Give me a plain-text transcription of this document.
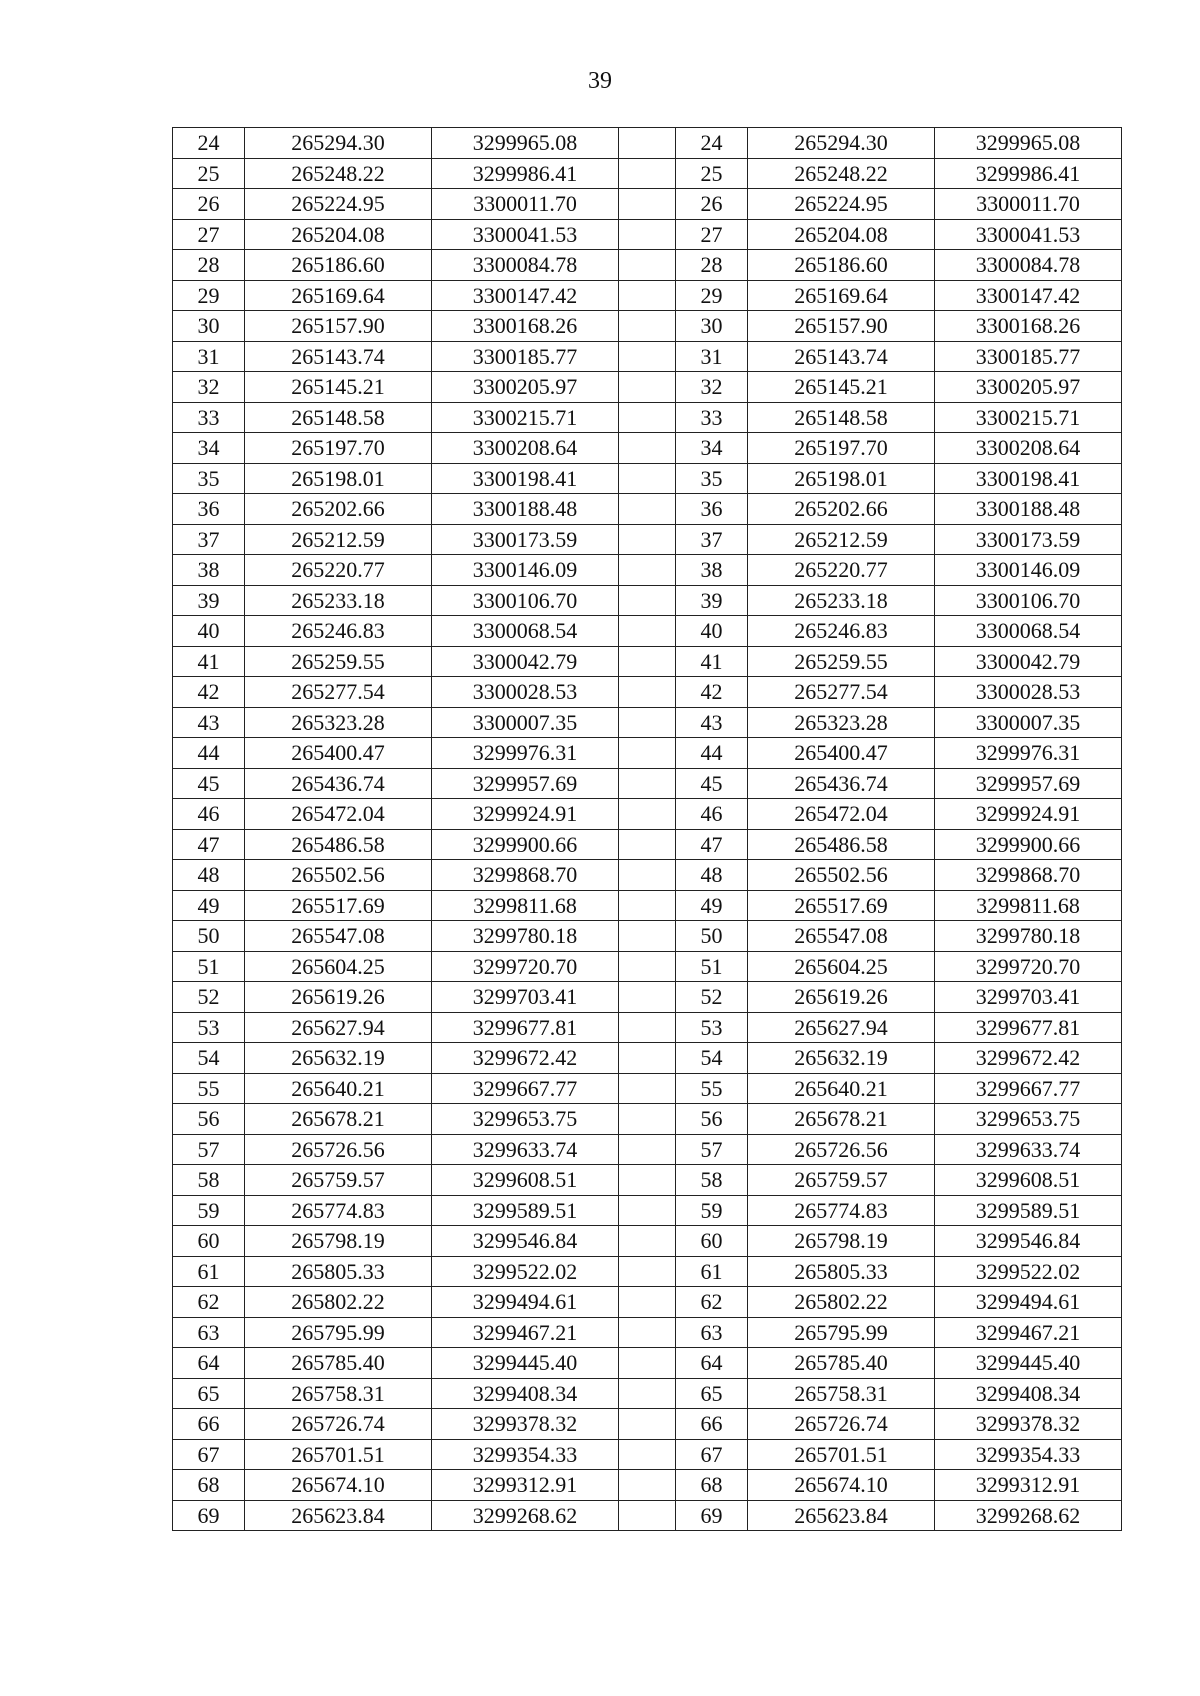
39
24	265294.30	3299965.08		24	265294.30	3299965.08
25	265248.22	3299986.41		25	265248.22	3299986.41
26	265224.95	3300011.70		26	265224.95	3300011.70
27	265204.08	3300041.53		27	265204.08	3300041.53
28	265186.60	3300084.78		28	265186.60	3300084.78
29	265169.64	3300147.42		29	265169.64	3300147.42
30	265157.90	3300168.26		30	265157.90	3300168.26
31	265143.74	3300185.77		31	265143.74	3300185.77
32	265145.21	3300205.97		32	265145.21	3300205.97
33	265148.58	3300215.71		33	265148.58	3300215.71
34	265197.70	3300208.64		34	265197.70	3300208.64
35	265198.01	3300198.41		35	265198.01	3300198.41
36	265202.66	3300188.48		36	265202.66	3300188.48
37	265212.59	3300173.59		37	265212.59	3300173.59
38	265220.77	3300146.09		38	265220.77	3300146.09
39	265233.18	3300106.70		39	265233.18	3300106.70
40	265246.83	3300068.54		40	265246.83	3300068.54
41	265259.55	3300042.79		41	265259.55	3300042.79
42	265277.54	3300028.53		42	265277.54	3300028.53
43	265323.28	3300007.35		43	265323.28	3300007.35
44	265400.47	3299976.31		44	265400.47	3299976.31
45	265436.74	3299957.69		45	265436.74	3299957.69
46	265472.04	3299924.91		46	265472.04	3299924.91
47	265486.58	3299900.66		47	265486.58	3299900.66
48	265502.56	3299868.70		48	265502.56	3299868.70
49	265517.69	3299811.68		49	265517.69	3299811.68
50	265547.08	3299780.18		50	265547.08	3299780.18
51	265604.25	3299720.70		51	265604.25	3299720.70
52	265619.26	3299703.41		52	265619.26	3299703.41
53	265627.94	3299677.81		53	265627.94	3299677.81
54	265632.19	3299672.42		54	265632.19	3299672.42
55	265640.21	3299667.77		55	265640.21	3299667.77
56	265678.21	3299653.75		56	265678.21	3299653.75
57	265726.56	3299633.74		57	265726.56	3299633.74
58	265759.57	3299608.51		58	265759.57	3299608.51
59	265774.83	3299589.51		59	265774.83	3299589.51
60	265798.19	3299546.84		60	265798.19	3299546.84
61	265805.33	3299522.02		61	265805.33	3299522.02
62	265802.22	3299494.61		62	265802.22	3299494.61
63	265795.99	3299467.21		63	265795.99	3299467.21
64	265785.40	3299445.40		64	265785.40	3299445.40
65	265758.31	3299408.34		65	265758.31	3299408.34
66	265726.74	3299378.32		66	265726.74	3299378.32
67	265701.51	3299354.33		67	265701.51	3299354.33
68	265674.10	3299312.91		68	265674.10	3299312.91
69	265623.84	3299268.62		69	265623.84	3299268.62
